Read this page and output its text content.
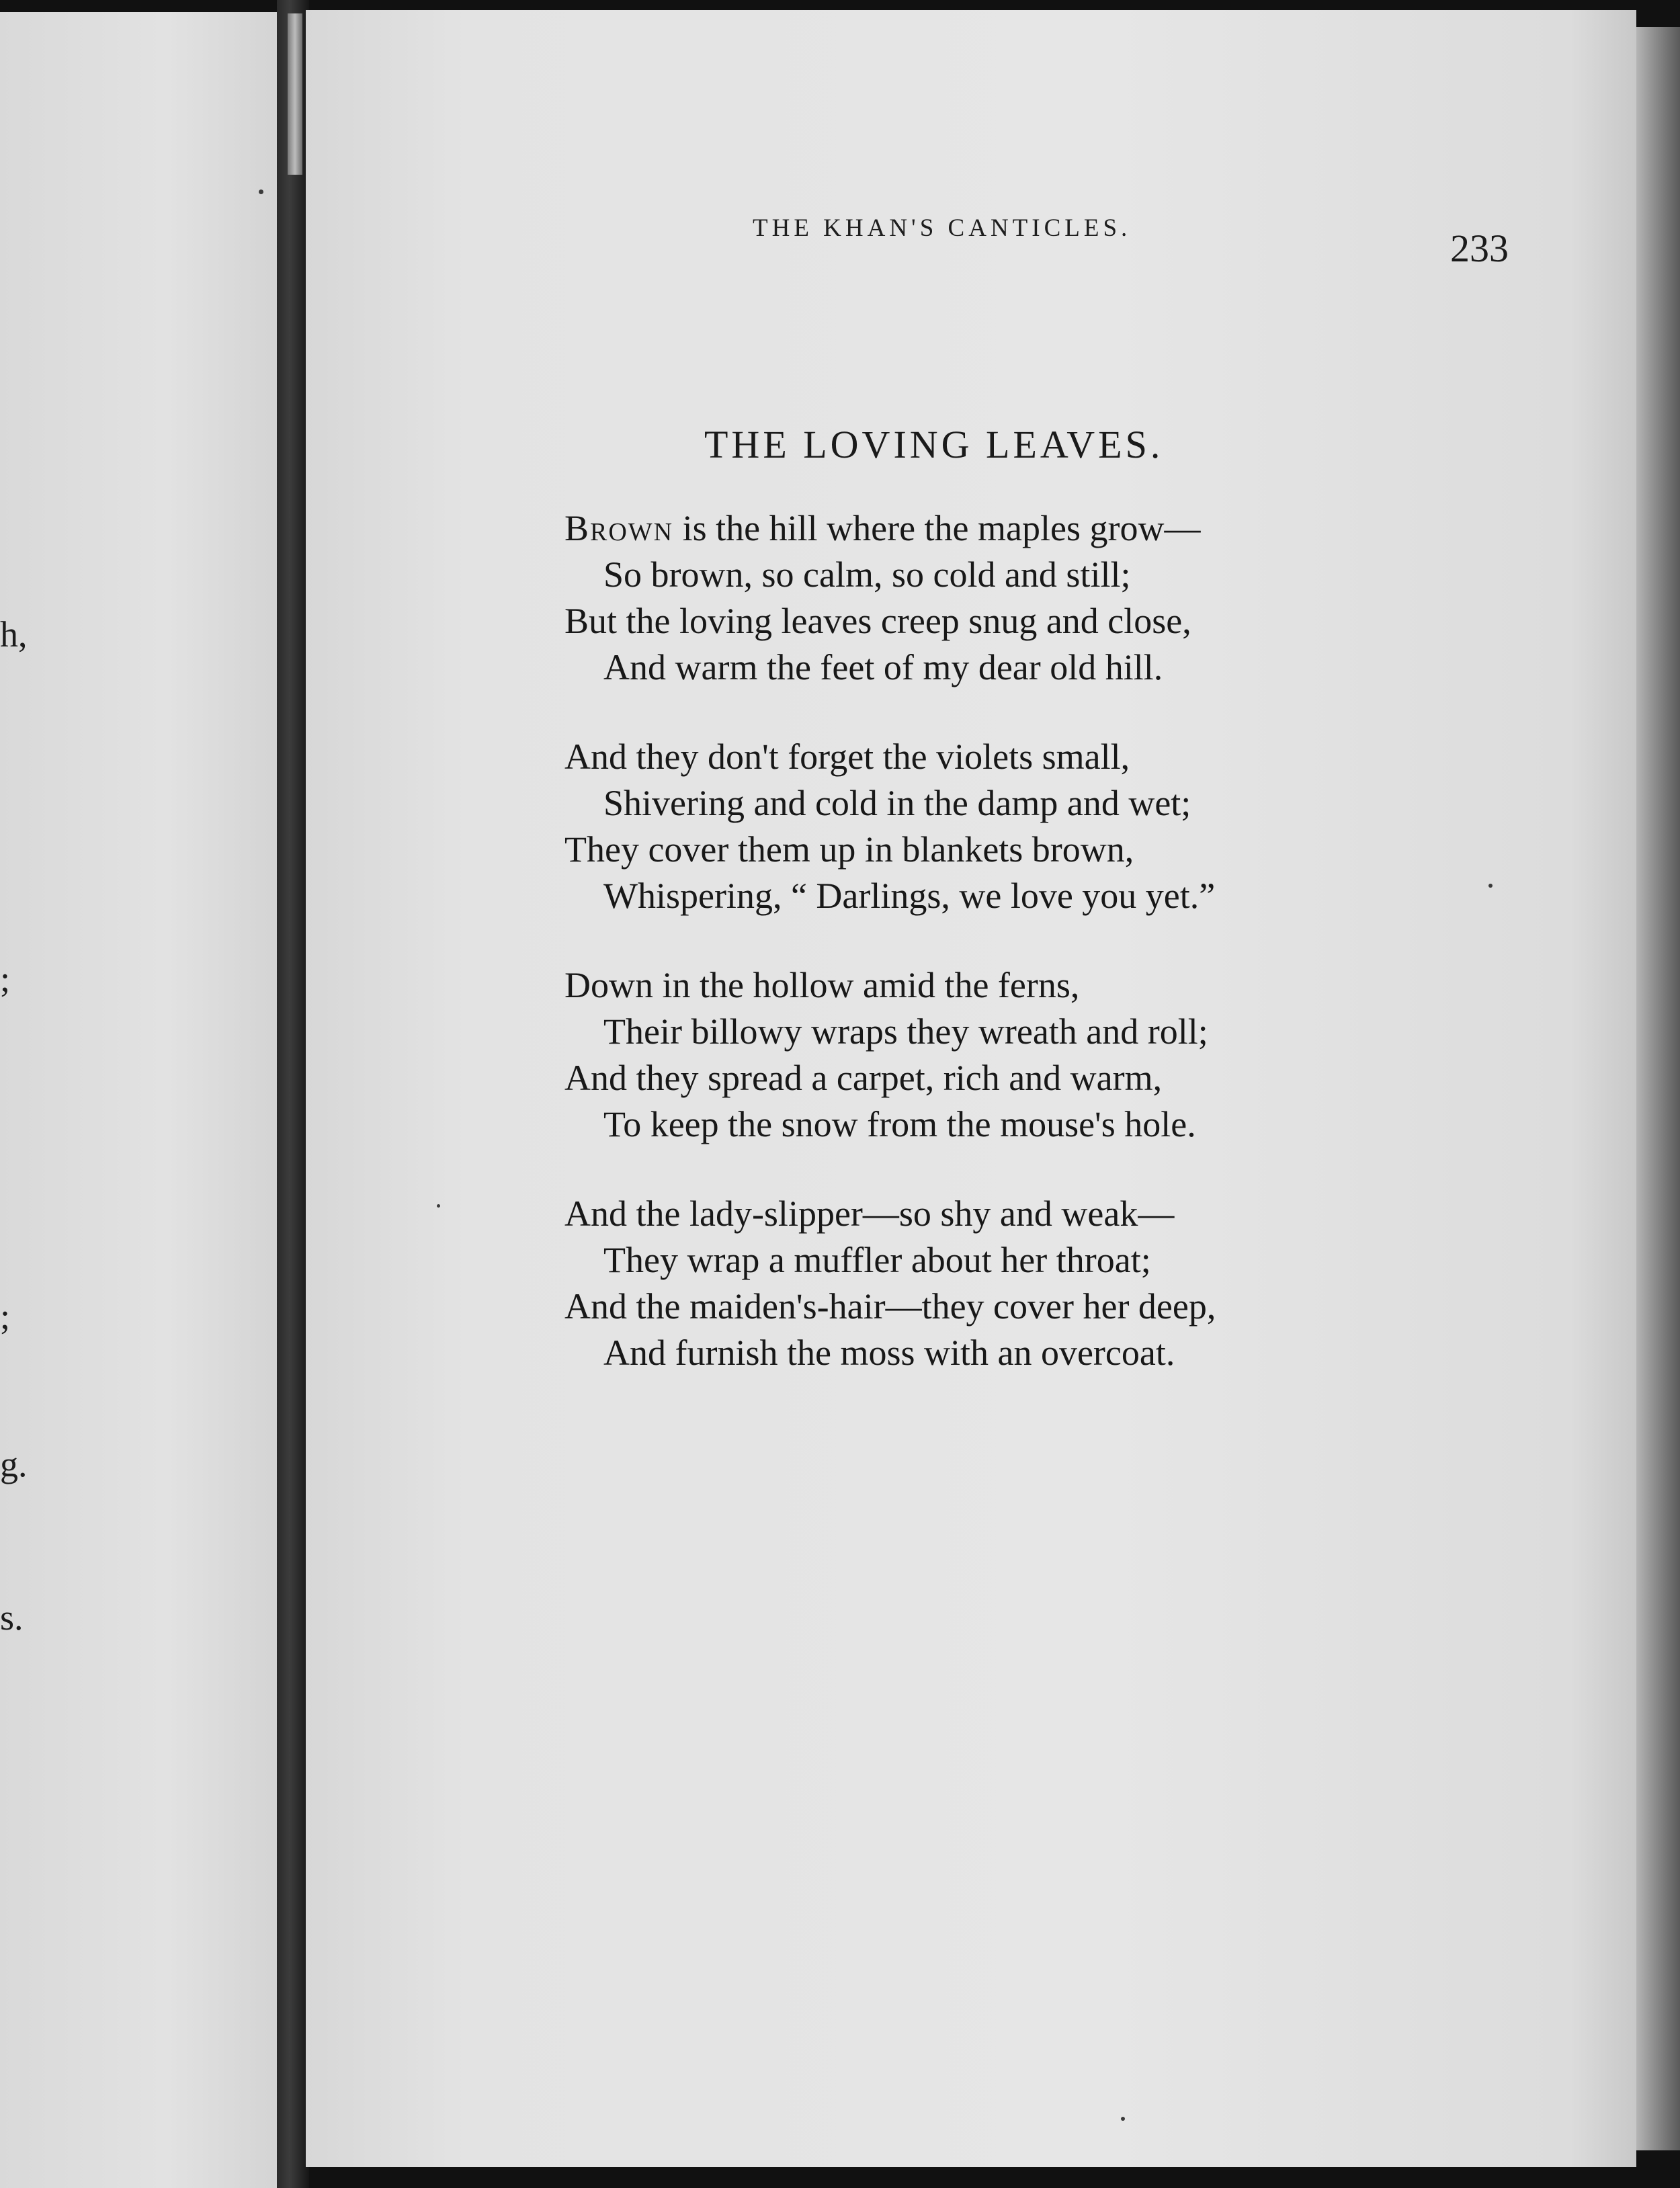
h,
;
;
g.
s.
THE KHAN'S CANTICLES.	233
THE LOVING LEAVES.
Brown is the hill where the maples grow—
So brown, so calm, so cold and still;
But the loving leaves creep snug and close,
And warm the feet of my dear old hill.
And they don't forget the violets small,
Shivering and cold in the damp and wet;
They cover them up in blankets brown,
Whispering, “ Darlings, we love you yet.”
Down in the hollow amid the ferns,
Their billowy wraps they wreath and roll;
And they spread a carpet, rich and warm,
To keep the snow from the mouse's hole.
And the lady-slipper—so shy and weak—
They wrap a muffler about her throat;
And the maiden's-hair—they cover her deep,
And furnish the moss with an overcoat.
